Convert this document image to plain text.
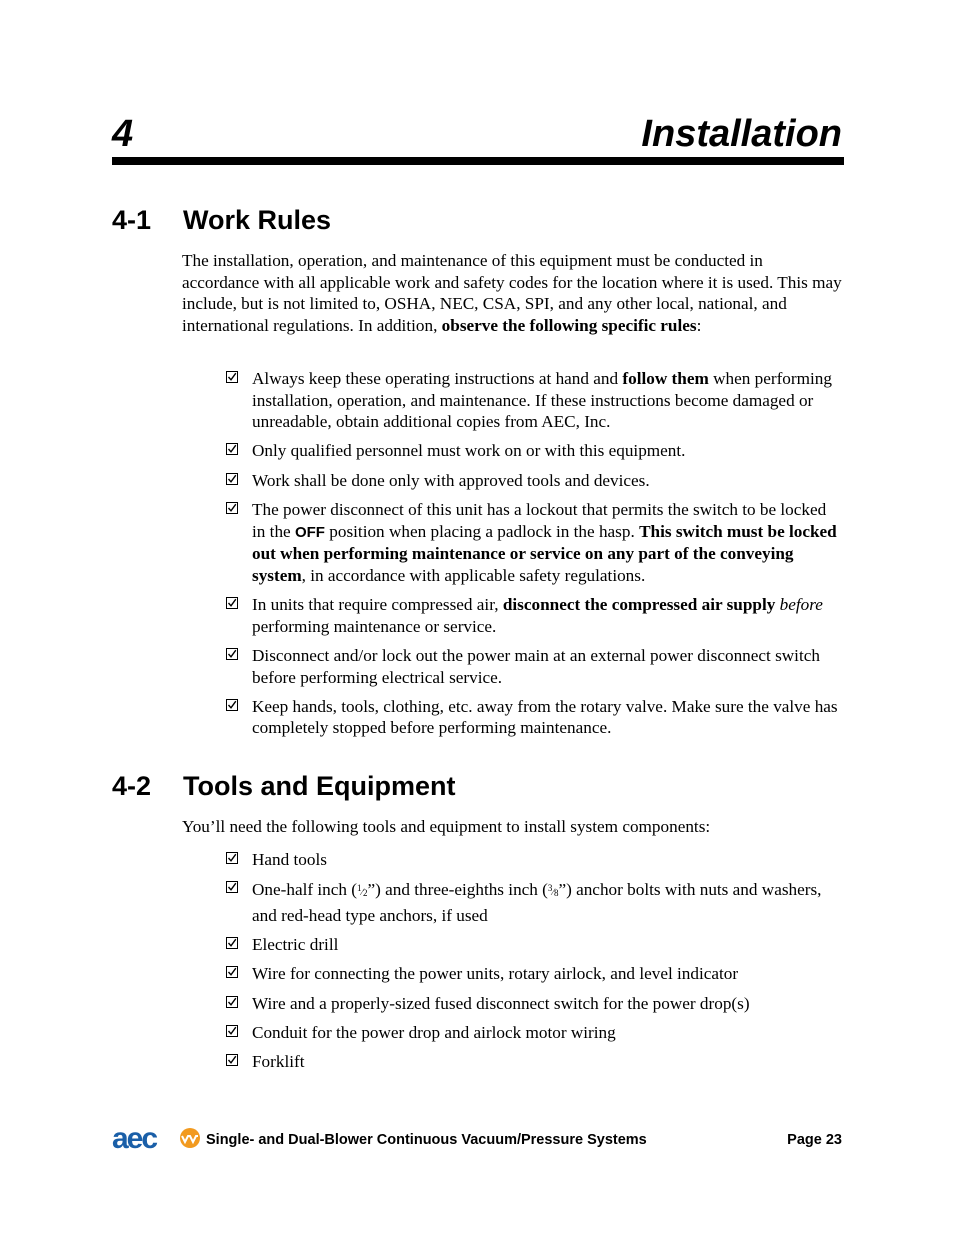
4	Installation
4-1 Work Rules

The installation, operation, and maintenance of this equipment must be conducted in accordance with all applicable work and safety codes for the location where it is used. This may include, but is not limited to, OSHA, NEC, CSA, SPI, and any other local, national, and international regulations. In addition, observe the following specific rules:

Always keep these operating instructions at hand and follow them when performing installation, operation, and maintenance. If these instructions become damaged or unreadable, obtain additional copies from AEC, Inc.
Only qualified personnel must work on or with this equipment.
Work shall be done only with approved tools and devices.
The power disconnect of this unit has a lockout that permits the switch to be locked in the OFF position when placing a padlock in the hasp. This switch must be locked out when performing maintenance or service on any part of the conveying system, in accordance with applicable safety regulations.
In units that require compressed air, disconnect the compressed air supply before performing maintenance or service.
Disconnect and/or lock out the power main at an external power disconnect switch before performing electrical service.
Keep hands, tools, clothing, etc. away from the rotary valve. Make sure the valve has completely stopped before performing maintenance.
4-2 Tools and Equipment

You’ll need the following tools and equipment to install system components:

Hand tools
One-half inch $(^1⁄_2”)$ and three-eighths inch $(^3⁄_8”)$ anchor bolts with nuts and washers, and red-head type anchors, if used
Electric drill
Wire for connecting the power units, rotary airlock, and level indicator
Wire and a properly-sized fused disconnect switch for the power drop(s)
Conduit for the power drop and airlock motor wiring
Forklift
aec	Single- and Dual-Blower Continuous Vacuum/Pressure Systems	Page 23
